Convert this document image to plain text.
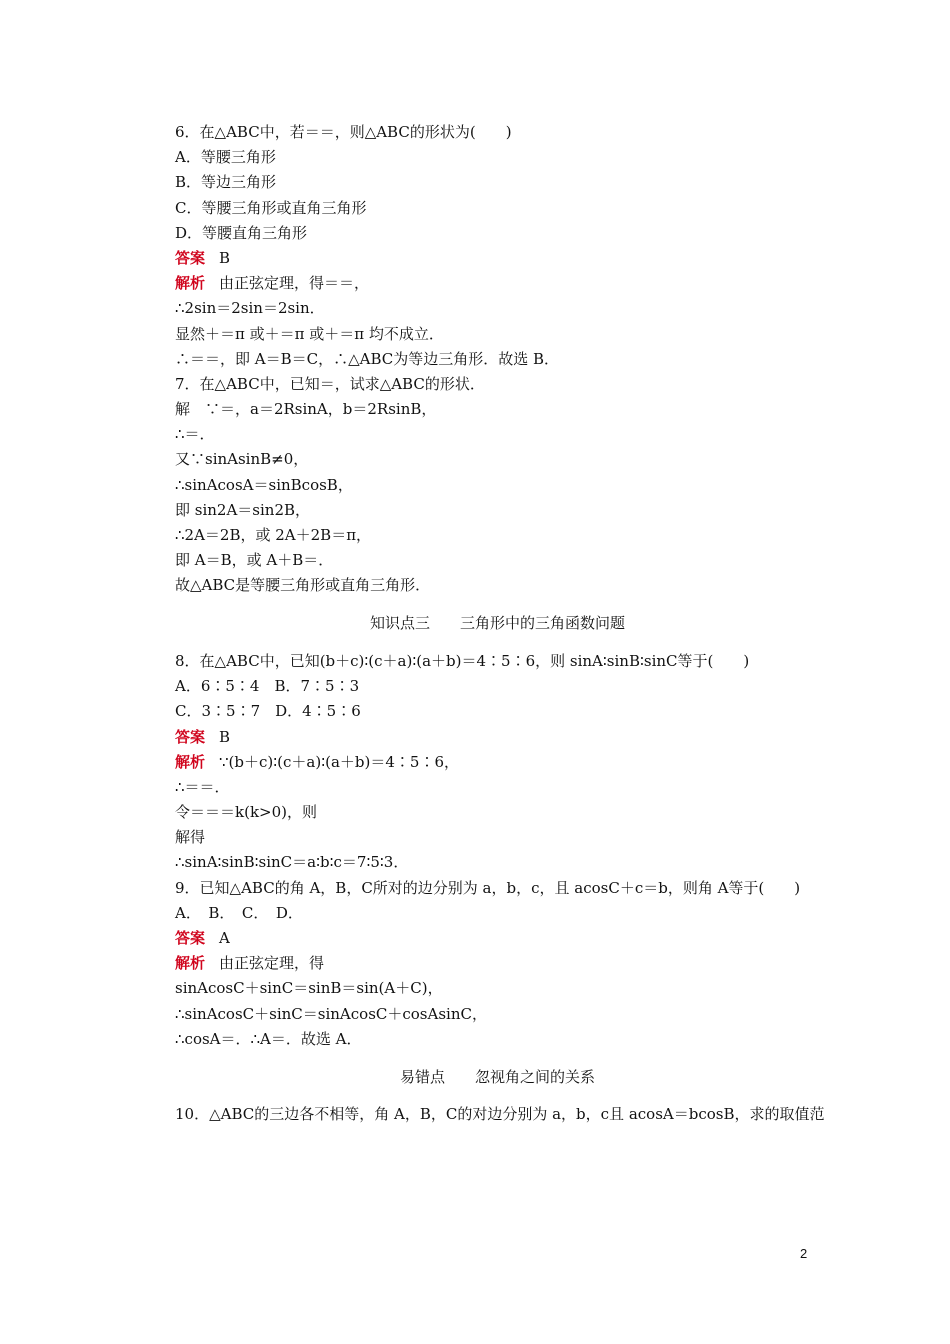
6．在△ABC中，若＝＝，则△ABC的形状为(　　)
A．等腰三角形
B．等边三角形
C．等腰三角形或直角三角形
D．等腰直角三角形
答案 B
解析 由正弦定理，得＝＝，
∴2sin＝2sin＝2sin．
显然＋＝π 或＋＝π 或＋＝π 均不成立．
∴＝＝，即 A＝B＝C，∴△ABC为等边三角形．故选 B．
7．在△ABC中，已知＝，试求△ABC的形状．
解　∵＝，a＝2RsinA，b＝2RsinB，
∴＝．
又∵sinAsinB≠0，
∴sinAcosA＝sinBcosB，
即 sin2A＝sin2B，
∴2A＝2B，或 2A＋2B＝π，
即 A＝B，或 A＋B＝．
故△ABC是等腰三角形或直角三角形．
知识点三 三角形中的三角函数问题
8．在△ABC中，已知(b＋c)∶(c＋a)∶(a＋b)＝4∶5∶6，则 sinA∶sinB∶sinC等于(　　)
A．6∶5∶4　B．7∶5∶3
C．3∶5∶7　D．4∶5∶6
答案 B
解析 ∵(b＋c)∶(c＋a)∶(a＋b)＝4∶5∶6，
∴＝＝．
令＝＝＝k(k>0)，则
解得
∴sinA∶sinB∶sinC＝a∶b∶c＝7∶5∶3．
9．已知△ABC的角 A，B，C所对的边分别为 a，b，c，且 acosC＋c＝b，则角 A等于(　　)
A．　B．　C．　D．
答案 A
解析 由正弦定理，得
sinAcosC＋sinC＝sinB＝sin(A＋C)，
∴sinAcosC＋sinC＝sinAcosC＋cosAsinC，
∴cosA＝．∴A＝．故选 A．
易错点 忽视角之间的关系
10．△ABC的三边各不相等，角 A，B，C的对边分别为 a，b，c且 acosA＝bcosB，求的取值范
2
